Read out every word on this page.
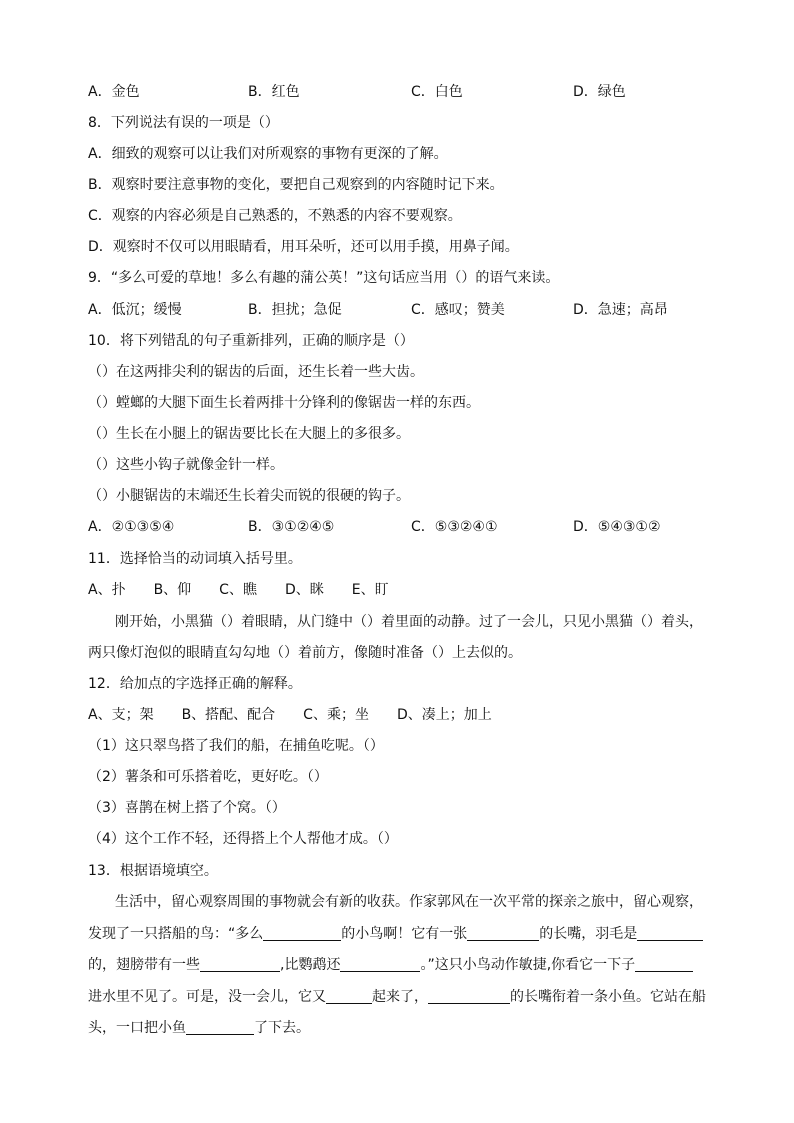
A．金色	B．红色	C．白色	D．绿色
8．下列说法有误的一项是（）
A．细致的观察可以让我们对所观察的事物有更深的了解。
B．观察时要注意事物的变化，要把自己观察到的内容随时记下来。
C．观察的内容必须是自己熟悉的，不熟悉的内容不要观察。
D．观察时不仅可以用眼睛看，用耳朵听，还可以用手摸，用鼻子闻。
9．“多么可爱的草地！多么有趣的蒲公英！”这句话应当用（）的语气来读。
A．低沉；缓慢	B．担扰；急促	C．感叹；赞美	D．急速；高昂
10．将下列错乱的句子重新排列，正确的顺序是（）
（）在这两排尖利的锯齿的后面，还生长着一些大齿。
（）螳螂的大腿下面生长着两排十分锋利的像锯齿一样的东西。
（）生长在小腿上的锯齿要比长在大腿上的多很多。
（）这些小钩子就像金针一样。
（）小腿锯齿的末端还生长着尖而锐的很硬的钩子。
A．②①③⑤④	B．③①②④⑤	C．⑤③②④①	D．⑤④③①②
11．选择恰当的动词填入括号里。
A、扑　　B、仰　　C、瞧　　D、眯　　E、盯
刚开始，小黑猫（）着眼睛，从门缝中（）着里面的动静。过了一会儿，只见小黑猫（）着头，
两只像灯泡似的眼睛直勾勾地（）着前方，像随时准备（）上去似的。
12．给加点的字选择正确的解释。
A、支；架　　B、搭配、配合　　C、乘；坐　　D、凑上；加上
（1）这只翠鸟搭了我们的船，在捕鱼吃呢。（）
（2）薯条和可乐搭着吃，更好吃。（）
（3）喜鹊在树上搭了个窝。（）
（4）这个工作不轻，还得搭上个人帮他才成。（）
13．根据语境填空。
生活中，留心观察周围的事物就会有新的收获。作家郭风在一次平常的探亲之旅中，留心观察，
发现了一只搭船的鸟：“多么	的小鸟啊！它有一张	的长嘴，羽毛是
的，翅膀带有一些	,比鹦鹉还	。”这只小鸟动作敏捷,你看它一下子
进水里不见了。可是，没一会儿，它又	起来了，	的长嘴衔着一条小鱼。它站在船
头，一口把小鱼	了下去。
